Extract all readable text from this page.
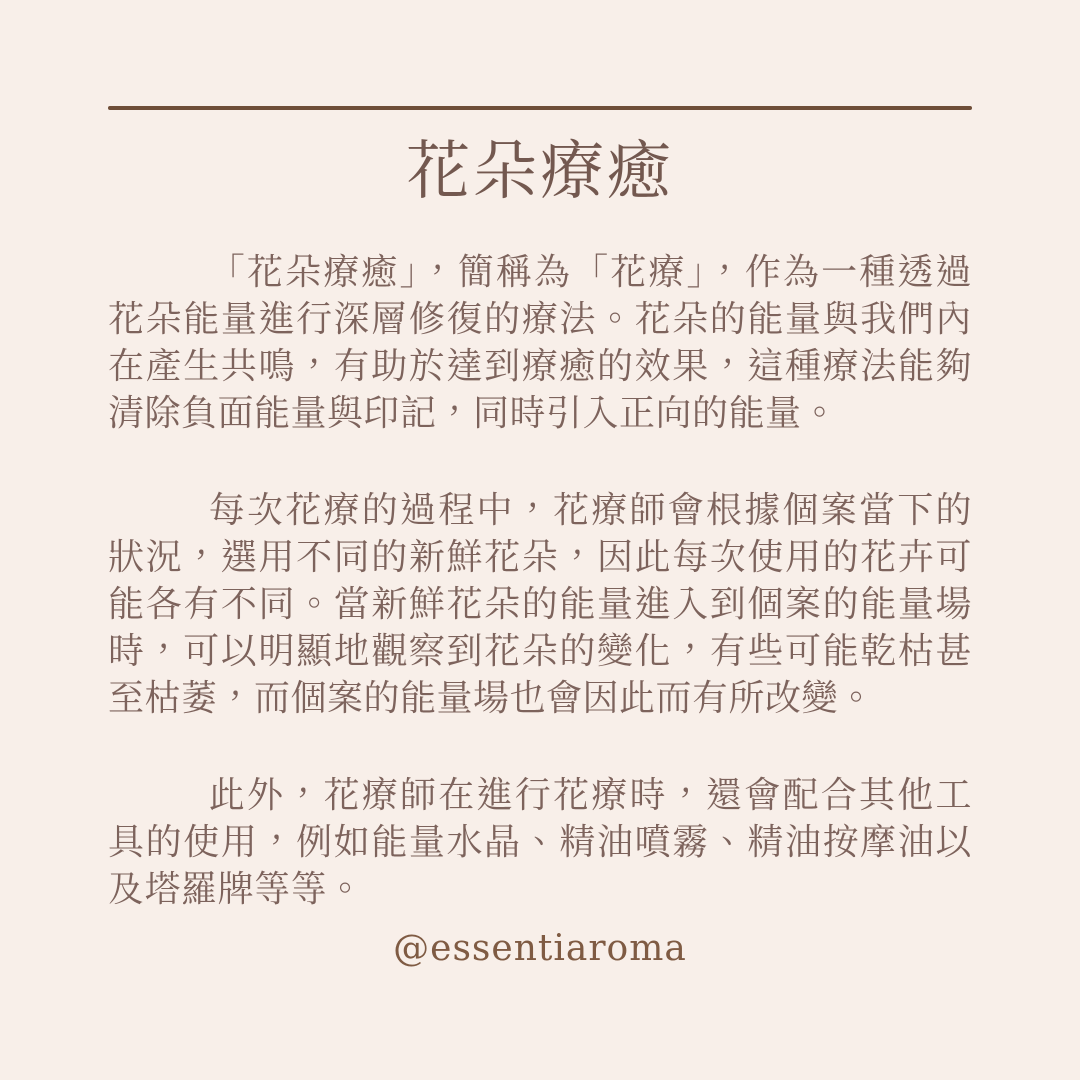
花朵療癒

「花朵療癒」，簡稱為「花療」，作為一種透過花朵能量進行深層修復的療法。花朵的能量與我們內在產生共鳴，有助於達到療癒的效果，這種療法能夠清除負面能量與印記，同時引入正向的能量。

每次花療的過程中，花療師會根據個案當下的狀況，選用不同的新鮮花朵，因此每次使用的花卉可能各有不同。當新鮮花朵的能量進入到個案的能量場時，可以明顯地觀察到花朵的變化，有些可能乾枯甚至枯萎，而個案的能量場也會因此而有所改變。

此外，花療師在進行花療時，還會配合其他工具的使用，例如能量水晶、精油噴霧、精油按摩油以及塔羅牌等等。

@essentiaroma
